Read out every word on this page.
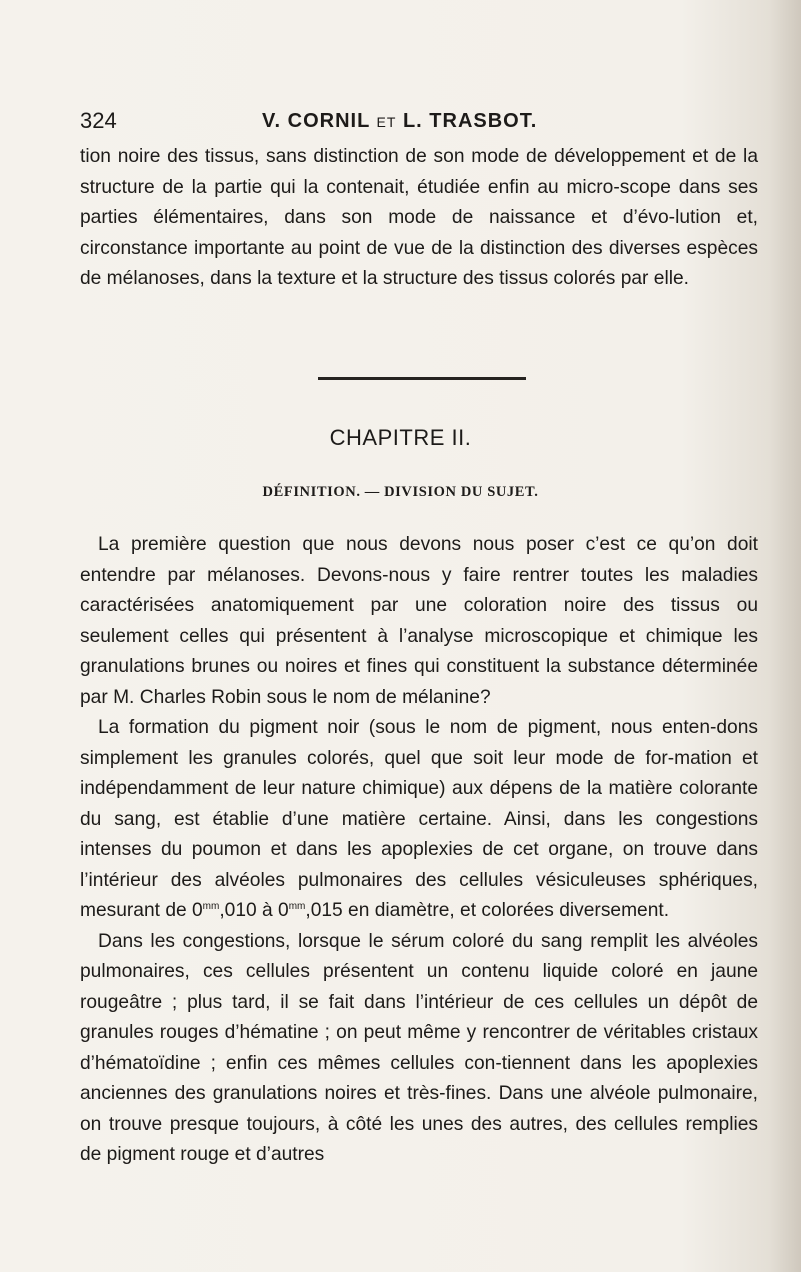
324	V. CORNIL ET L. TRASBOT.

tion noire des tissus, sans distinction de son mode de développement et de la structure de la partie qui la contenait, étudiée enfin au micro-scope dans ses parties élémentaires, dans son mode de naissance et d’évo-lution et, circonstance importante au point de vue de la distinction des diverses espèces de mélanoses, dans la texture et la structure des tissus colorés par elle.

CHAPITRE II.
DÉFINITION. — DIVISION DU SUJET.

La première question que nous devons nous poser c’est ce qu’on doit entendre par mélanoses. Devons-nous y faire rentrer toutes les maladies caractérisées anatomiquement par une coloration noire des tissus ou seulement celles qui présentent à l’analyse microscopique et chimique les granulations brunes ou noires et fines qui constituent la substance déterminée par M. Charles Robin sous le nom de mélanine?

La formation du pigment noir (sous le nom de pigment, nous enten-dons simplement les granules colorés, quel que soit leur mode de for-mation et indépendamment de leur nature chimique) aux dépens de la matière colorante du sang, est établie d’une matière certaine. Ainsi, dans les congestions intenses du poumon et dans les apoplexies de cet organe, on trouve dans l’intérieur des alvéoles pulmonaires des cellules vésiculeuses sphériques, mesurant de $0^{mm},010$ à $0^{mm},015$ en diamètre, et colorées diversement.

Dans les congestions, lorsque le sérum coloré du sang remplit les alvéoles pulmonaires, ces cellules présentent un contenu liquide coloré en jaune rougeâtre ; plus tard, il se fait dans l’intérieur de ces cellules un dépôt de granules rouges d’hématine ; on peut même y rencontrer de véritables cristaux d’hématoïdine ; enfin ces mêmes cellules con-tiennent dans les apoplexies anciennes des granulations noires et très-fines. Dans une alvéole pulmonaire, on trouve presque toujours, à côté les unes des autres, des cellules remplies de pigment rouge et d’autres
